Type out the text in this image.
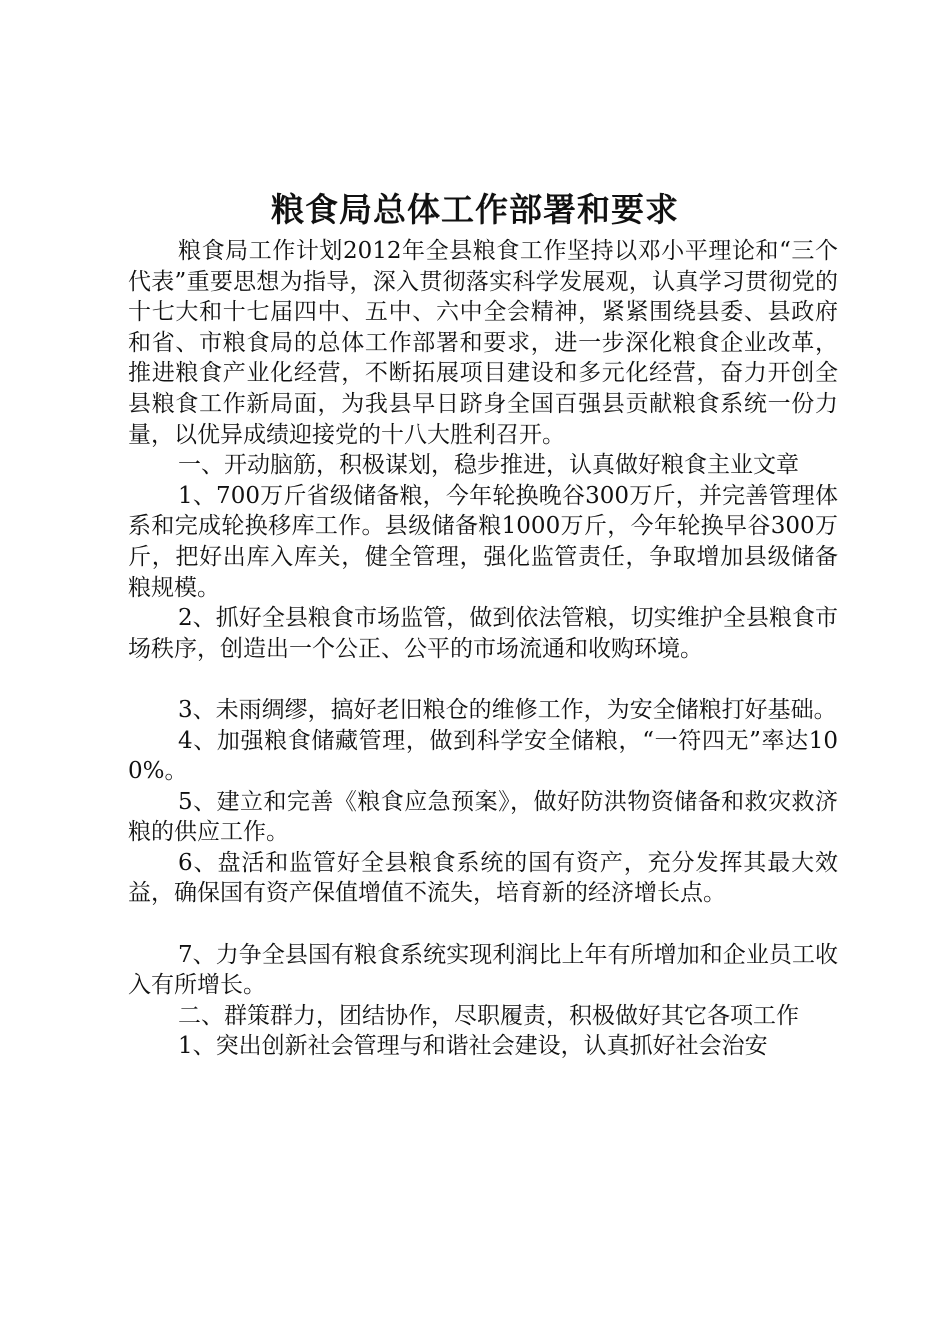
粮食局总体工作部署和要求

粮食局工作计划2012年全县粮食工作坚持以邓小平理论和“三个代表”重要思想为指导，深入贯彻落实科学发展观，认真学习贯彻党的十七大和十七届四中、五中、六中全会精神，紧紧围绕县委、县政府和省、市粮食局的总体工作部署和要求，进一步深化粮食企业改革，推进粮食产业化经营，不断拓展项目建设和多元化经营，奋力开创全县粮食工作新局面，为我县早日跻身全国百强县贡献粮食系统一份力量，以优异成绩迎接党的十八大胜利召开。

一、开动脑筋，积极谋划，稳步推进，认真做好粮食主业文章

1、700万斤省级储备粮，今年轮换晚谷300万斤，并完善管理体系和完成轮换移库工作。县级储备粮1000万斤，今年轮换早谷300万斤，把好出库入库关，健全管理，强化监管责任，争取增加县级储备粮规模。

2、抓好全县粮食市场监管，做到依法管粮，切实维护全县粮食市场秩序，创造出一个公正、公平的市场流通和收购环境。

3、未雨绸缪，搞好老旧粮仓的维修工作，为安全储粮打好基础。

4、加强粮食储藏管理，做到科学安全储粮，“一符四无”率达100%。

5、建立和完善《粮食应急预案》，做好防洪物资储备和救灾救济粮的供应工作。

6、盘活和监管好全县粮食系统的国有资产，充分发挥其最大效益，确保国有资产保值增值不流失，培育新的经济增长点。

7、力争全县国有粮食系统实现利润比上年有所增加和企业员工收入有所增长。

二、群策群力，团结协作，尽职履责，积极做好其它各项工作

1、突出创新社会管理与和谐社会建设，认真抓好社会治安
